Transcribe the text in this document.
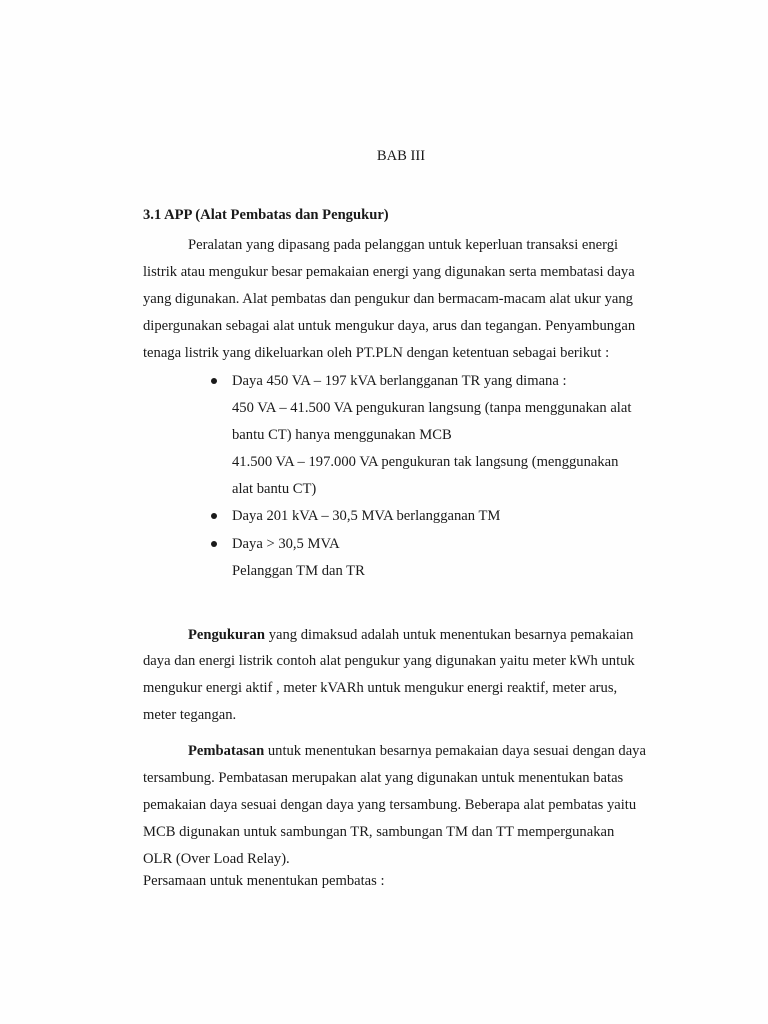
BAB III
3.1 APP (Alat Pembatas dan Pengukur)
Peralatan yang dipasang pada pelanggan untuk keperluan transaksi energi
listrik atau mengukur besar pemakaian energi yang digunakan serta membatasi daya
yang digunakan. Alat pembatas dan pengukur dan bermacam-macam alat ukur yang
dipergunakan sebagai alat untuk mengukur daya, arus dan tegangan. Penyambungan
tenaga listrik yang dikeluarkan oleh PT.PLN dengan ketentuan sebagai berikut :
Daya 450 VA – 197 kVA berlangganan TR yang dimana :
450 VA – 41.500 VA pengukuran langsung (tanpa menggunakan alat
bantu CT) hanya menggunakan MCB
41.500 VA – 197.000 VA pengukuran tak langsung (menggunakan
alat bantu CT)
Daya 201 kVA – 30,5 MVA berlangganan TM
Daya > 30,5 MVA
Pelanggan TM dan TR
Pengukuran yang dimaksud adalah untuk menentukan besarnya pemakaian
daya dan energi listrik contoh alat pengukur yang digunakan yaitu meter kWh untuk
mengukur energi aktif , meter kVARh untuk mengukur energi reaktif, meter arus,
meter tegangan.
Pembatasan untuk menentukan besarnya pemakaian daya sesuai dengan daya
tersambung. Pembatasan merupakan alat yang digunakan untuk menentukan batas
pemakaian daya sesuai dengan daya yang tersambung. Beberapa alat pembatas yaitu
MCB digunakan untuk sambungan TR, sambungan TM dan TT mempergunakan
OLR (Over Load Relay).
Persamaan untuk menentukan pembatas :
